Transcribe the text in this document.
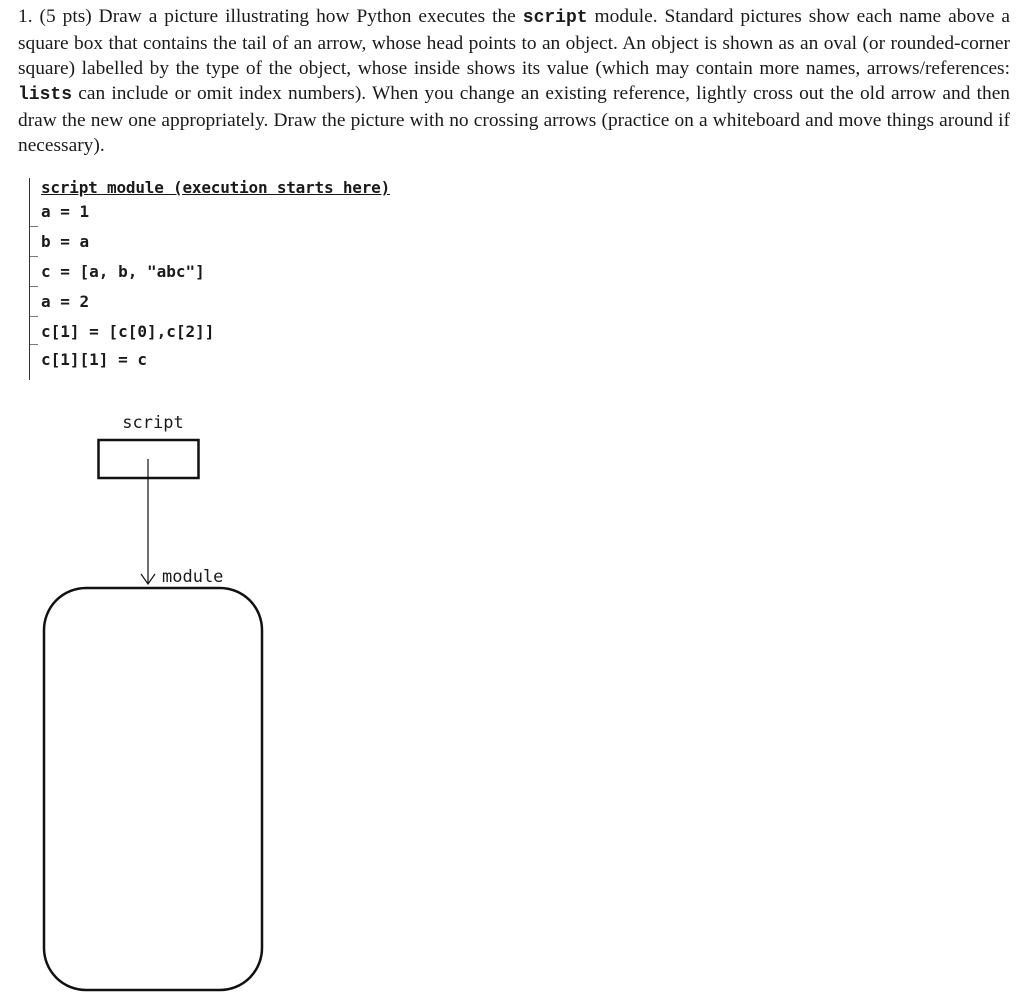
1. (5 pts) Draw a picture illustrating how Python executes the script module. Standard pictures show each name above a square box that contains the tail of an arrow, whose head points to an object. An object is shown as an oval (or rounded-corner square) labelled by the type of the object, whose inside shows its value (which may contain more names, arrows/references: lists can include or omit index numbers). When you change an existing reference, lightly cross out the old arrow and then draw the new one appropriately. Draw the picture with no crossing arrows (practice on a whiteboard and move things around if necessary).
script module (execution starts here)
a = 1
b = a
c = [a, b, "abc"]
a = 2
c[1] = [c[0],c[2]]
c[1][1] = c
script
module
